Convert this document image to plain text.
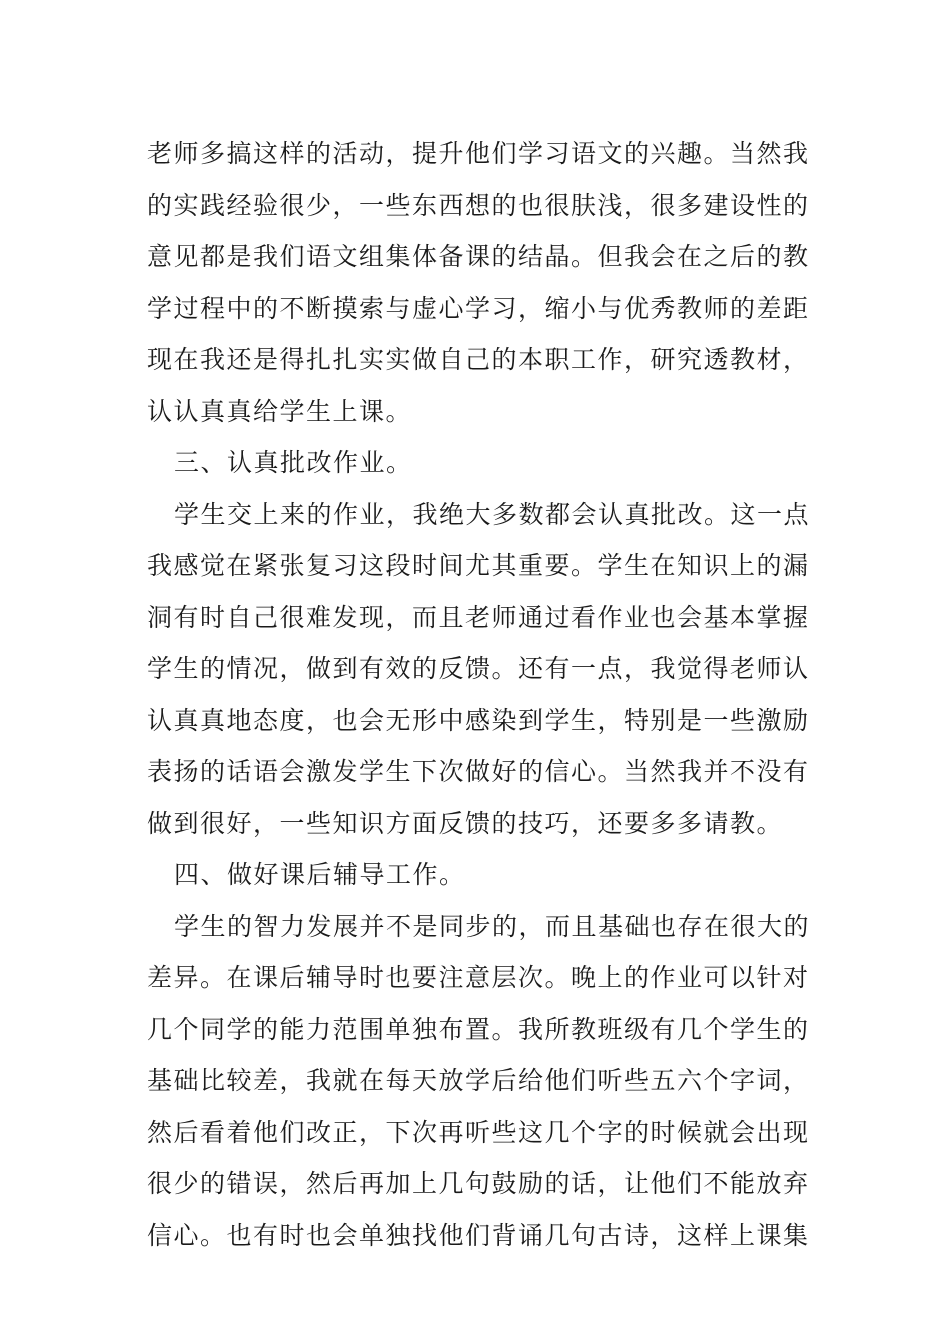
老师多搞这样的活动，提升他们学习语文的兴趣。当然我
的实践经验很少，一些东西想的也很肤浅，很多建设性的
意见都是我们语文组集体备课的结晶。但我会在之后的教
学过程中的不断摸索与虚心学习，缩小与优秀教师的差距
现在我还是得扎扎实实做自己的本职工作，研究透教材，
认认真真给学生上课。
三、认真批改作业。
学生交上来的作业，我绝大多数都会认真批改。这一点
我感觉在紧张复习这段时间尤其重要。学生在知识上的漏
洞有时自己很难发现，而且老师通过看作业也会基本掌握
学生的情况，做到有效的反馈。还有一点，我觉得老师认
认真真地态度，也会无形中感染到学生，特别是一些激励
表扬的话语会激发学生下次做好的信心。当然我并不没有
做到很好，一些知识方面反馈的技巧，还要多多请教。
四、做好课后辅导工作。
学生的智力发展并不是同步的，而且基础也存在很大的
差异。在课后辅导时也要注意层次。晚上的作业可以针对
几个同学的能力范围单独布置。我所教班级有几个学生的
基础比较差，我就在每天放学后给他们听些五六个字词，
然后看着他们改正，下次再听些这几个字的时候就会出现
很少的错误，然后再加上几句鼓励的话，让他们不能放弃
信心。也有时也会单独找他们背诵几句古诗，这样上课集
